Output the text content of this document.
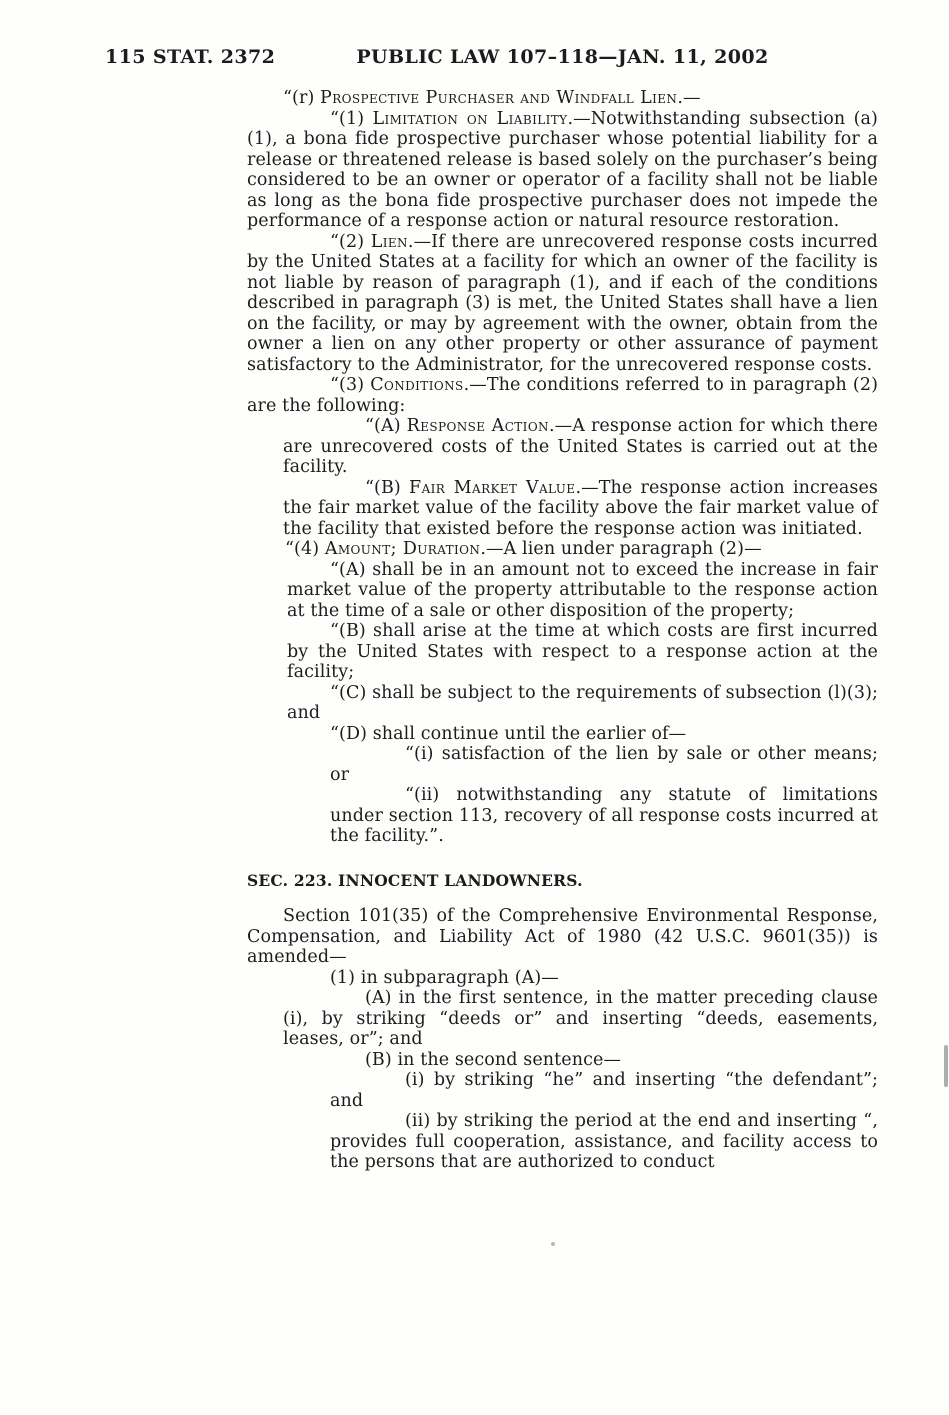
115 STAT. 2372	PUBLIC LAW 107–118—JAN. 11, 2002

“(r) Prospective Purchaser and Windfall Lien.—

“(1) Limitation on Liability.—Notwithstanding subsection (a)(1), a bona fide prospective purchaser whose potential liability for a release or threatened release is based solely on the purchaser’s being considered to be an owner or operator of a facility shall not be liable as long as the bona fide prospective purchaser does not impede the performance of a response action or natural resource restoration.

“(2) Lien.—If there are unrecovered response costs incurred by the United States at a facility for which an owner of the facility is not liable by reason of paragraph (1), and if each of the conditions described in paragraph (3) is met, the United States shall have a lien on the facility, or may by agreement with the owner, obtain from the owner a lien on any other property or other assurance of payment satisfactory to the Administrator, for the unrecovered response costs.

“(3) Conditions.—The conditions referred to in paragraph (2) are the following:

“(A) Response Action.—A response action for which there are unrecovered costs of the United States is carried out at the facility.

“(B) Fair Market Value.—The response action increases the fair market value of the facility above the fair market value of the facility that existed before the response action was initiated.

“(4) Amount; Duration.—A lien under paragraph (2)—

“(A) shall be in an amount not to exceed the increase in fair market value of the property attributable to the response action at the time of a sale or other disposition of the property;

“(B) shall arise at the time at which costs are first incurred by the United States with respect to a response action at the facility;

“(C) shall be subject to the requirements of subsection (l)(3); and

“(D) shall continue until the earlier of—

“(i) satisfaction of the lien by sale or other means; or

“(ii) notwithstanding any statute of limitations under section 113, recovery of all response costs incurred at the facility.”.

SEC. 223. INNOCENT LANDOWNERS.

Section 101(35) of the Comprehensive Environmental Response, Compensation, and Liability Act of 1980 (42 U.S.C. 9601(35)) is amended—

(1) in subparagraph (A)—

(A) in the first sentence, in the matter preceding clause (i), by striking “deeds or” and inserting “deeds, easements, leases, or”; and

(B) in the second sentence—

(i) by striking “he” and inserting “the defendant”; and

(ii) by striking the period at the end and inserting “, provides full cooperation, assistance, and facility access to the persons that are authorized to conduct
